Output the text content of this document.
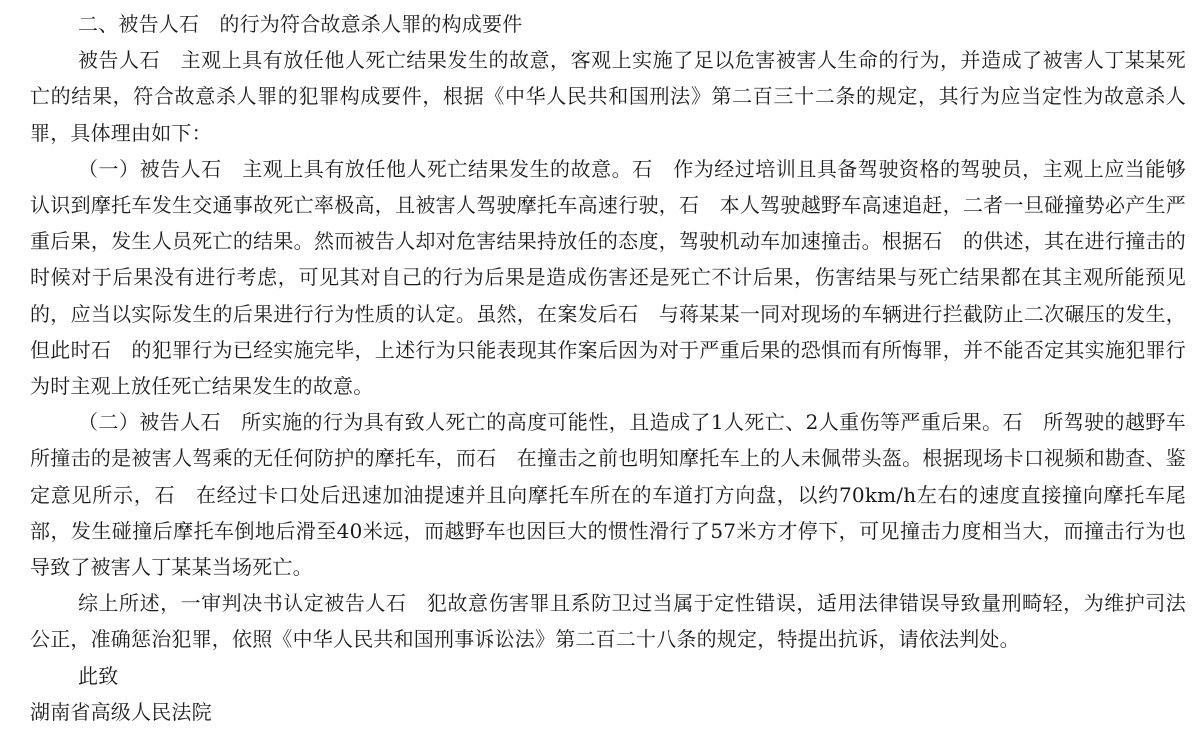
二、被告人石　的行为符合故意杀人罪的构成要件

被告人石　主观上具有放任他人死亡结果发生的故意，客观上实施了足以危害被害人生命的行为，并造成了被害人丁某某死亡的结果，符合故意杀人罪的犯罪构成要件，根据《中华人民共和国刑法》第二百三十二条的规定，其行为应当定性为故意杀人罪，具体理由如下：

（一）被告人石　主观上具有放任他人死亡结果发生的故意。石　作为经过培训且具备驾驶资格的驾驶员，主观上应当能够认识到摩托车发生交通事故死亡率极高，且被害人驾驶摩托车高速行驶，石　本人驾驶越野车高速追赶，二者一旦碰撞势必产生严重后果，发生人员死亡的结果。然而被告人却对危害结果持放任的态度，驾驶机动车加速撞击。根据石　的供述，其在进行撞击的时候对于后果没有进行考虑，可见其对自己的行为后果是造成伤害还是死亡不计后果，伤害结果与死亡结果都在其主观所能预见的，应当以实际发生的后果进行行为性质的认定。虽然，在案发后石　与蒋某某一同对现场的车辆进行拦截防止二次碾压的发生，但此时石　的犯罪行为已经实施完毕，上述行为只能表现其作案后因为对于严重后果的恐惧而有所悔罪，并不能否定其实施犯罪行为时主观上放任死亡结果发生的故意。

（二）被告人石　所实施的行为具有致人死亡的高度可能性，且造成了1人死亡、2人重伤等严重后果。石　所驾驶的越野车所撞击的是被害人驾乘的无任何防护的摩托车，而石　在撞击之前也明知摩托车上的人未佩带头盔。根据现场卡口视频和勘查、鉴定意见所示，石　在经过卡口处后迅速加油提速并且向摩托车所在的车道打方向盘，以约70km/h左右的速度直接撞向摩托车尾部，发生碰撞后摩托车倒地后滑至40米远，而越野车也因巨大的惯性滑行了57米方才停下，可见撞击力度相当大，而撞击行为也导致了被害人丁某某当场死亡。

综上所述，一审判决书认定被告人石　犯故意伤害罪且系防卫过当属于定性错误，适用法律错误导致量刑畸轻，为维护司法公正，准确惩治犯罪，依照《中华人民共和国刑事诉讼法》第二百二十八条的规定，特提出抗诉，请依法判处。

此致

湖南省高级人民法院
